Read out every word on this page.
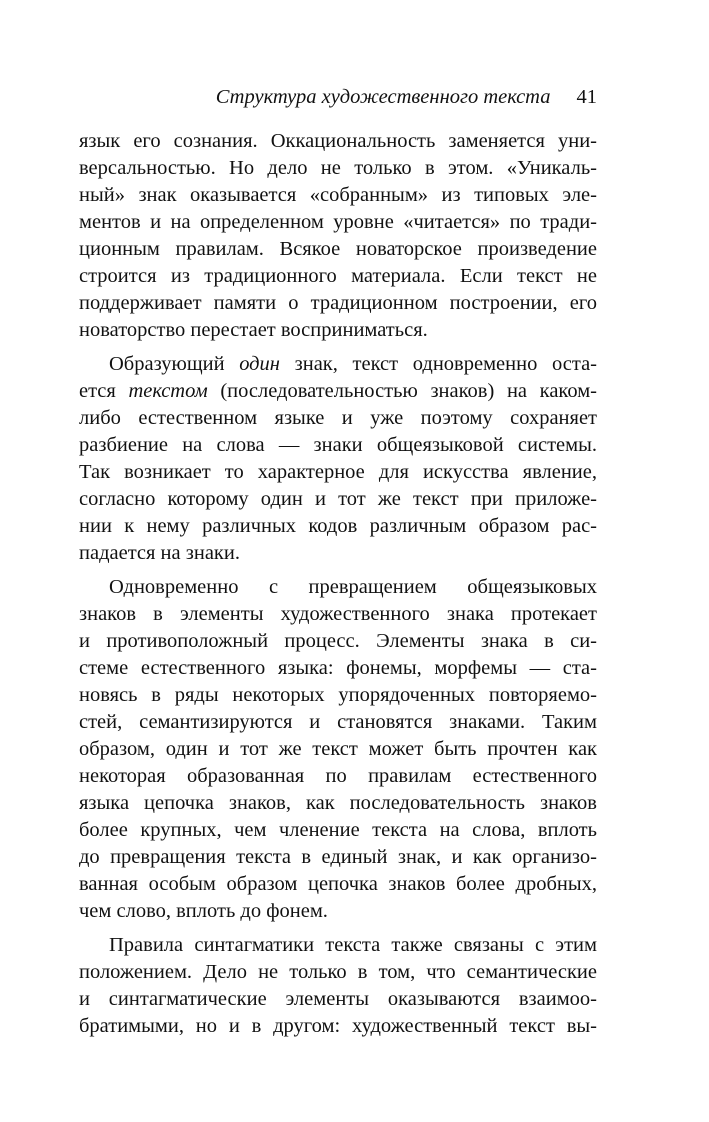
Структура художественного текста 41
язык его сознания. Оккациональность заменяется уни-
версальностью. Но дело не только в этом. «Уникаль-
ный» знак оказывается «собранным» из типовых эле-
ментов и на определенном уровне «читается» по тради-
ционным правилам. Всякое новаторское произведение
строится из традиционного материала. Если текст не
поддерживает памяти о традиционном построении, его
новаторство перестает восприниматься.
Образующий один знак, текст одновременно оста-
ется текстом (последовательностью знаков) на каком-
либо естественном языке и уже поэтому сохраняет
разбиение на слова — знаки общеязыковой системы.
Так возникает то характерное для искусства явление,
согласно которому один и тот же текст при приложе-
нии к нему различных кодов различным образом рас-
падается на знаки.
Одновременно с превращением общеязыковых
знаков в элементы художественного знака протекает
и противоположный процесс. Элементы знака в си-
стеме естественного языка: фонемы, морфемы — ста-
новясь в ряды некоторых упорядоченных повторяемо-
стей, семантизируются и становятся знаками. Таким
образом, один и тот же текст может быть прочтен как
некоторая образованная по правилам естественного
языка цепочка знаков, как последовательность знаков
более крупных, чем членение текста на слова, вплоть
до превращения текста в единый знак, и как организо-
ванная особым образом цепочка знаков более дробных,
чем слово, вплоть до фонем.
Правила синтагматики текста также связаны с этим
положением. Дело не только в том, что семантические
и синтагматические элементы оказываются взаимоо-
братимыми, но и в другом: художественный текст вы-
